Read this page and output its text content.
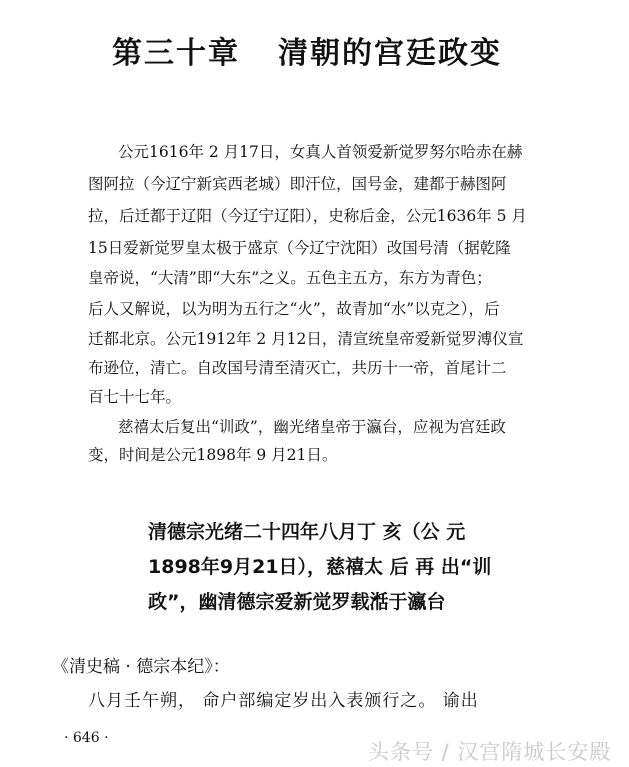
第三十章 清朝的宫廷政变
公元1616年 2 月17日，女真人首领爱新觉罗努尔哈赤在赫
图阿拉（今辽宁新宾西老城）即汗位，国号金，建都于赫图阿
拉，后迁都于辽阳（今辽宁辽阳），史称后金，公元1636年 5 月
15日爱新觉罗皇太极于盛京（今辽宁沈阳）改国号清（据乾隆
皇帝说，“大清”即“大东”之义。五色主五方，东方为青色；
后人又解说，以为明为五行之“火”，故青加“水”以克之），后
迁都北京。公元1912年 2 月12日，清宣统皇帝爱新觉罗溥仪宣
布逊位，清亡。自改国号清至清灭亡，共历十一帝，首尾计二
百七十七年。
慈禧太后复出“训政”，幽光绪皇帝于瀛台，应视为宫廷政
变，时间是公元1898年 9 月21日。
清德宗光绪二十四年八月丁 亥（公 元
1898年9月21日），慈禧太 后 再 出“训
政”，幽清德宗爱新觉罗载湉于瀛台
《清史稿 · 德宗本纪》：
八月壬午朔， 命户部编定岁出入表颁行之。 谕出
· 646 ·
头条号 / 汉宫隋城长安殿
